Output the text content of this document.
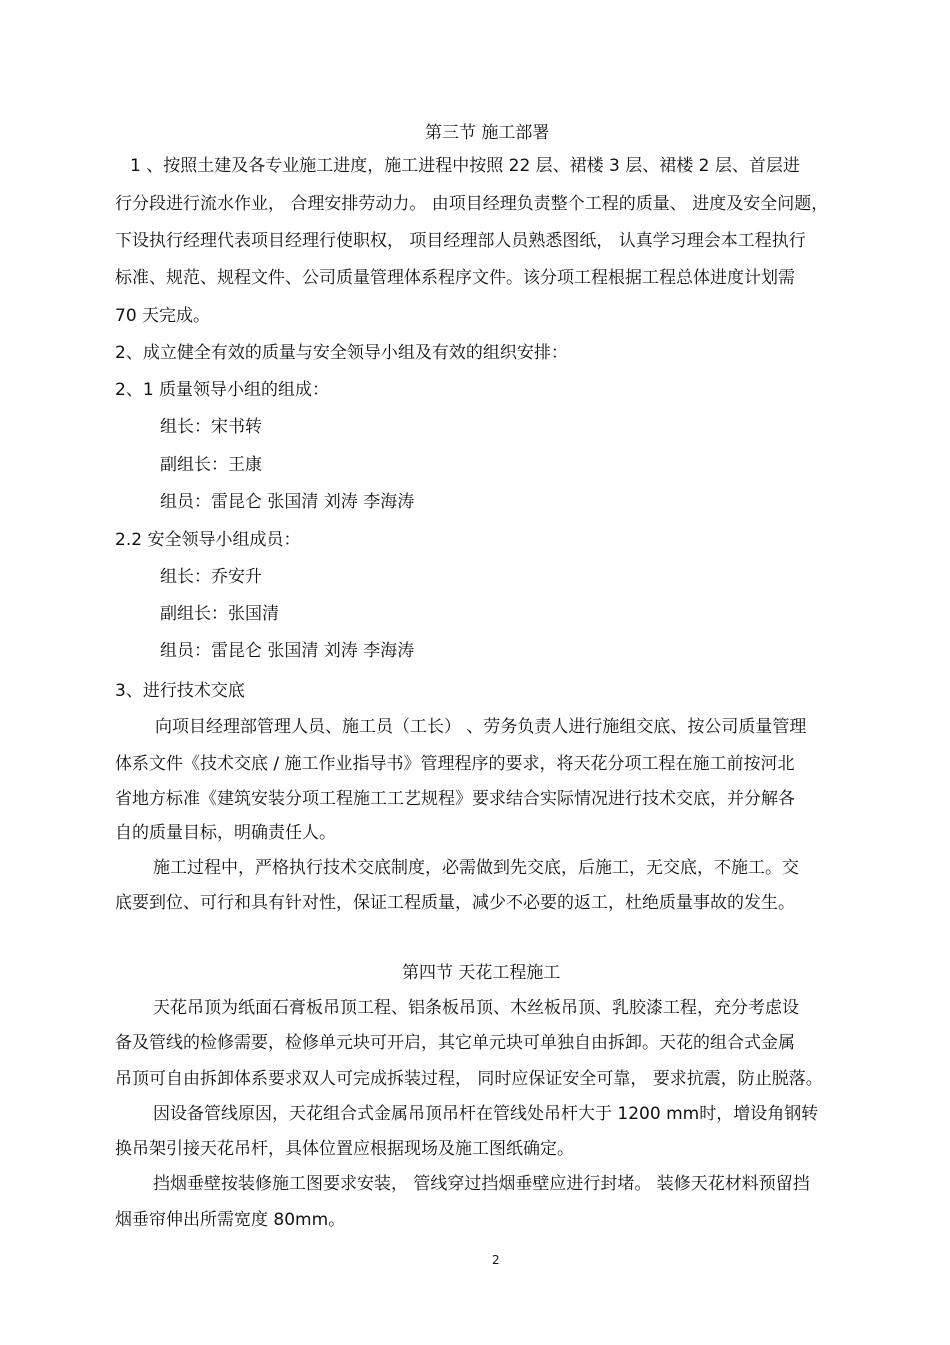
第三节 施工部署
1 、按照土建及各专业施工进度，施工进程中按照 22 层、裙楼 3 层、裙楼 2 层、首层进
行分段进行流水作业， 合理安排劳动力。 由项目经理负责整个工程的质量、 进度及安全问题，
下设执行经理代表项目经理行使职权， 项目经理部人员熟悉图纸， 认真学习理会本工程执行
标准、规范、规程文件、公司质量管理体系程序文件。该分项工程根据工程总体进度计划需
70 天完成。
2、成立健全有效的质量与安全领导小组及有效的组织安排：
2、1 质量领导小组的组成：
组长：宋书转
副组长：王康
组员：雷昆仑 张国清 刘涛 李海涛
2.2 安全领导小组成员：
组长：乔安升
副组长：张国清
组员：雷昆仑 张国清 刘涛 李海涛
3、进行技术交底
向项目经理部管理人员、施工员（工长） 、劳务负责人进行施组交底、按公司质量管理
体系文件《技术交底 / 施工作业指导书》管理程序的要求，将天花分项工程在施工前按河北
省地方标准《建筑安装分项工程施工工艺规程》要求结合实际情况进行技术交底，并分解各
自的质量目标，明确责任人。
施工过程中，严格执行技术交底制度，必需做到先交底，后施工，无交底，不施工。交
底要到位、可行和具有针对性，保证工程质量，减少不必要的返工，杜绝质量事故的发生。
第四节 天花工程施工
天花吊顶为纸面石膏板吊顶工程、铝条板吊顶、木丝板吊顶、乳胶漆工程，充分考虑设
备及管线的检修需要，检修单元块可开启，其它单元块可单独自由拆卸。天花的组合式金属
吊顶可自由拆卸体系要求双人可完成拆装过程， 同时应保证安全可靠， 要求抗震，防止脱落。
因设备管线原因，天花组合式金属吊顶吊杆在管线处吊杆大于 1200 mm时，增设角钢转
换吊架引接天花吊杆，具体位置应根据现场及施工图纸确定。
挡烟垂壁按装修施工图要求安装， 管线穿过挡烟垂壁应进行封堵。 装修天花材料预留挡
烟垂帘伸出所需宽度 80mm。
2
